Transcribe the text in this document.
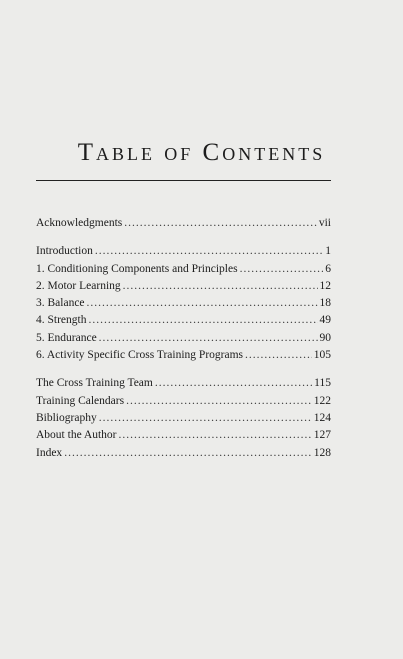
Table of Contents
Acknowledgments .....	vii
Introduction .....	1
1. Conditioning Components and Principles .....	6
2. Motor Learning .....	12
3. Balance .....	18
4. Strength .....	49
5. Endurance .....	90
6. Activity Specific Cross Training Programs .....	105
The Cross Training Team .....	115
Training Calendars .....	122
Bibliography .....	124
About the Author .....	127
Index .....	128
